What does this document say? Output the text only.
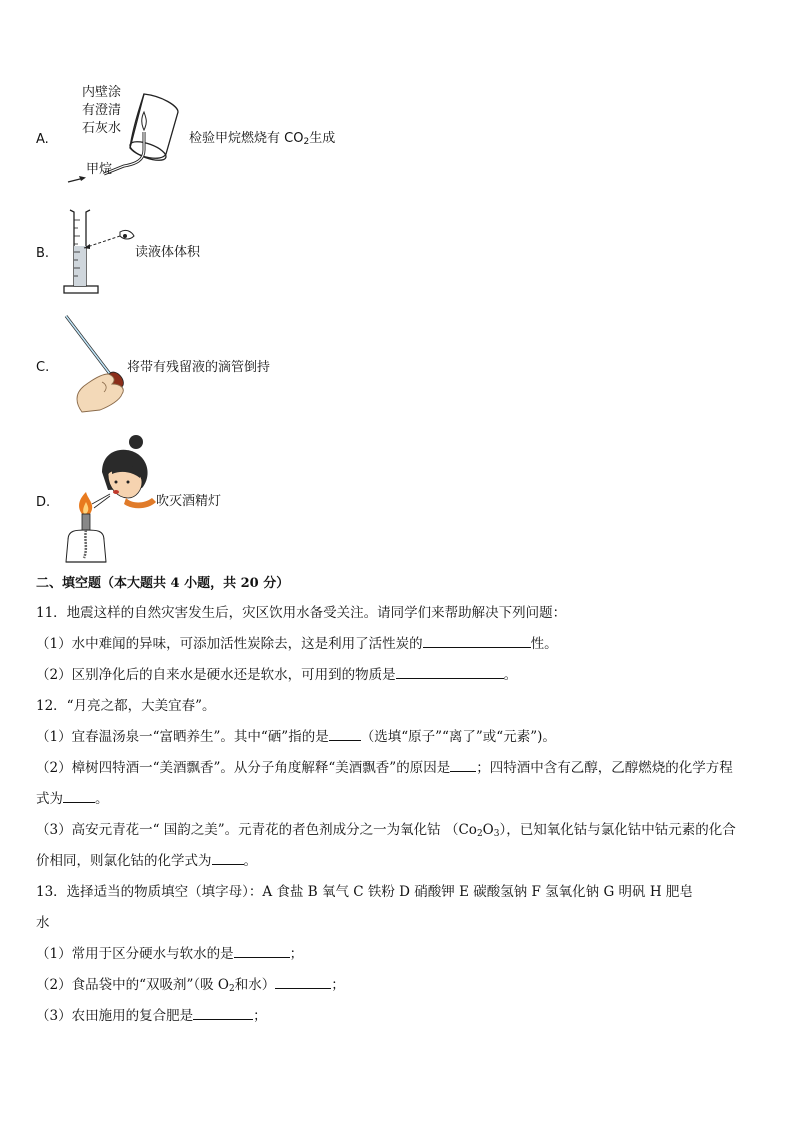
A.
内壁涂
有澄清
石灰水
甲烷
检验甲烷燃烧有 $CO_2$生成
B.	读液体体积
C.	将带有残留液的滴管倒持
D.	吹灭酒精灯
二、填空题（本大题共 4 小题，共 20 分）
11．地震这样的自然灾害发生后，灾区饮用水备受关注。请同学们来帮助解决下列问题：
（1）水中难闻的异味，可添加活性炭除去，这是利用了活性炭的	性。
（2）区别净化后的自来水是硬水还是软水，可用到的物质是	。
12．“月亮之都，大美宜春”。
（1）宜春温汤泉一“富晒养生”。其中“硒”指的是 （选填“原子”“离了”或“元素”)。
（2）樟树四特酒一“美酒飘香”。从分子角度解释“美酒飘香”的原因是 ；四特酒中含有乙醇，乙醇燃烧的化学方程
式为 。
（3）高安元青花一“ 国韵之美”。元青花的者色剂成分之一为氧化钴 $(Co_2O_3)$，已知氧化钴与氯化钴中钴元素的化合
价相同，则氯化钴的化学式为 。
13．选择适当的物质填空（填字母）：A 食盐 B 氧气 C 铁粉 D 硝酸钾 E 碳酸氢钠 F 氢氧化钠 G 明矾 H 肥皂
水
（1）常用于区分硬水与软水的是	；
（2）食品袋中的“双吸剂”（吸 $O_2$和水）	；
（3）农田施用的复合肥是	；
